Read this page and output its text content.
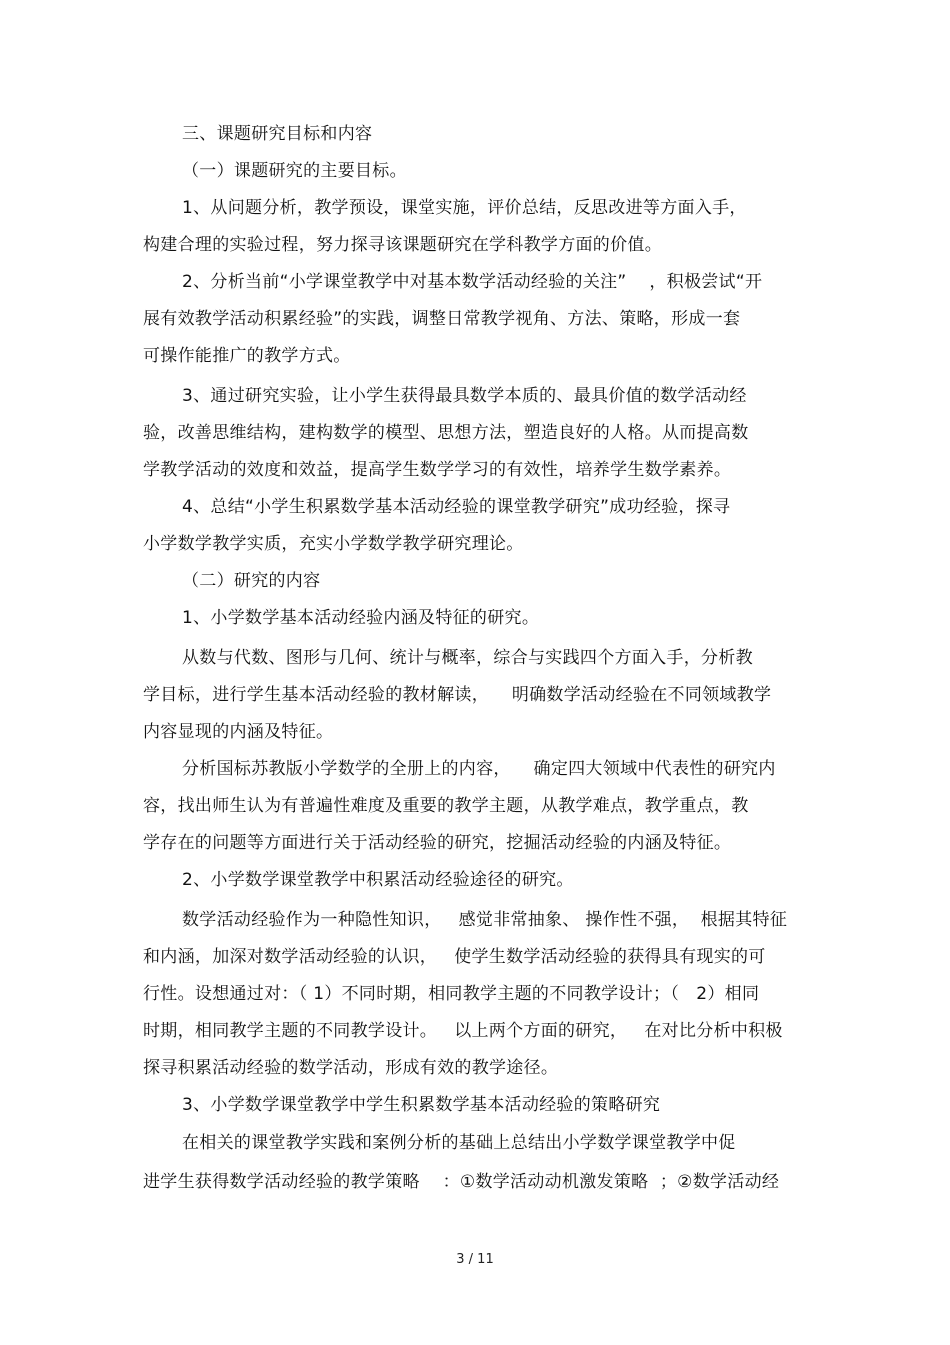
三、课题研究目标和内容
（一）课题研究的主要目标。
1、从问题分析，教学预设，课堂实施，评价总结，反思改进等方面入手，
构建合理的实验过程，努力探寻该课题研究在学科教学方面的价值。
2、分析当前“小学课堂教学中对基本数学活动经验的关注”    ，积极尝试“开
展有效教学活动积累经验”的实践，调整日常教学视角、方法、策略，形成一套
可操作能推广的教学方式。
3、通过研究实验，让小学生获得最具数学本质的、最具价值的数学活动经
验，改善思维结构，建构数学的模型、思想方法，塑造良好的人格。从而提高数
学教学活动的效度和效益，提高学生数学学习的有效性，培养学生数学素养。
4、总结“小学生积累数学基本活动经验的课堂教学研究”成功经验，探寻
小学数学教学实质，充实小学数学教学研究理论。
（二）研究的内容
1、小学数学基本活动经验内涵及特征的研究。
从数与代数、图形与几何、统计与概率，综合与实践四个方面入手，分析教
学目标，进行学生基本活动经验的教材解读，    明确数学活动经验在不同领域教学
内容显现的内涵及特征。
分析国标苏教版小学数学的全册上的内容，    确定四大领域中代表性的研究内
容，找出师生认为有普遍性难度及重要的教学主题，从教学难点，教学重点，教
学存在的问题等方面进行关于活动经验的研究，挖掘活动经验的内涵及特征。
2、小学数学课堂教学中积累活动经验途径的研究。
数学活动经验作为一种隐性知识，   感觉非常抽象、 操作性不强，  根据其特征
和内涵，加深对数学活动经验的认识，   使学生数学活动经验的获得具有现实的可
行性。设想通过对：（ 1）不同时期，相同教学主题的不同教学设计；（   2）相同
时期，相同教学主题的不同教学设计。   以上两个方面的研究，   在对比分析中积极
探寻积累活动经验的数学活动，形成有效的教学途径。
3、小学数学课堂教学中学生积累数学基本活动经验的策略研究
在相关的课堂教学实践和案例分析的基础上总结出小学数学课堂教学中促
进学生获得数学活动经验的教学策略    ：①数学活动动机激发策略  ；②数学活动经
3 / 11
